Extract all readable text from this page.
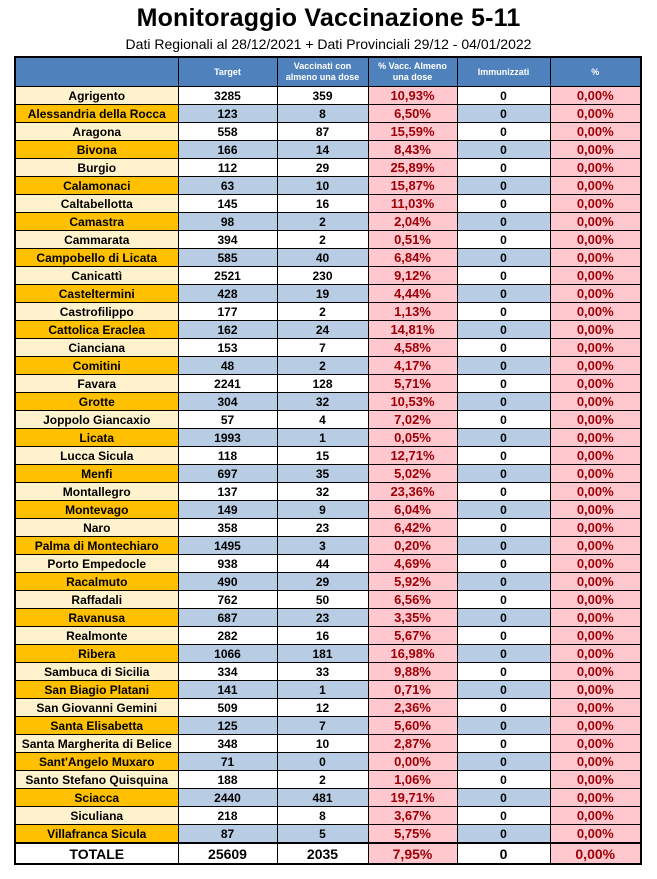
Monitoraggio Vaccinazione 5-11
Dati Regionali al 28/12/2021 + Dati Provinciali 29/12 - 04/01/2022
	Target	Vaccinati con almeno una dose	% Vacc. Almeno una dose	Immunizzati	%
Agrigento	3285	359	10,93%	0	0,00%
Alessandria della Rocca	123	8	6,50%	0	0,00%
Aragona	558	87	15,59%	0	0,00%
Bivona	166	14	8,43%	0	0,00%
Burgio	112	29	25,89%	0	0,00%
Calamonaci	63	10	15,87%	0	0,00%
Caltabellotta	145	16	11,03%	0	0,00%
Camastra	98	2	2,04%	0	0,00%
Cammarata	394	2	0,51%	0	0,00%
Campobello di Licata	585	40	6,84%	0	0,00%
Canicattì	2521	230	9,12%	0	0,00%
Casteltermini	428	19	4,44%	0	0,00%
Castrofilippo	177	2	1,13%	0	0,00%
Cattolica Eraclea	162	24	14,81%	0	0,00%
Cianciana	153	7	4,58%	0	0,00%
Comitini	48	2	4,17%	0	0,00%
Favara	2241	128	5,71%	0	0,00%
Grotte	304	32	10,53%	0	0,00%
Joppolo Giancaxio	57	4	7,02%	0	0,00%
Licata	1993	1	0,05%	0	0,00%
Lucca Sicula	118	15	12,71%	0	0,00%
Menfi	697	35	5,02%	0	0,00%
Montallegro	137	32	23,36%	0	0,00%
Montevago	149	9	6,04%	0	0,00%
Naro	358	23	6,42%	0	0,00%
Palma di Montechiaro	1495	3	0,20%	0	0,00%
Porto Empedocle	938	44	4,69%	0	0,00%
Racalmuto	490	29	5,92%	0	0,00%
Raffadali	762	50	6,56%	0	0,00%
Ravanusa	687	23	3,35%	0	0,00%
Realmonte	282	16	5,67%	0	0,00%
Ribera	1066	181	16,98%	0	0,00%
Sambuca di Sicilia	334	33	9,88%	0	0,00%
San Biagio Platani	141	1	0,71%	0	0,00%
San Giovanni Gemini	509	12	2,36%	0	0,00%
Santa Elisabetta	125	7	5,60%	0	0,00%
Santa Margherita di Belice	348	10	2,87%	0	0,00%
Sant'Angelo Muxaro	71	0	0,00%	0	0,00%
Santo Stefano Quisquina	188	2	1,06%	0	0,00%
Sciacca	2440	481	19,71%	0	0,00%
Siculiana	218	8	3,67%	0	0,00%
Villafranca Sicula	87	5	5,75%	0	0,00%
TOTALE	25609	2035	7,95%	0	0,00%
